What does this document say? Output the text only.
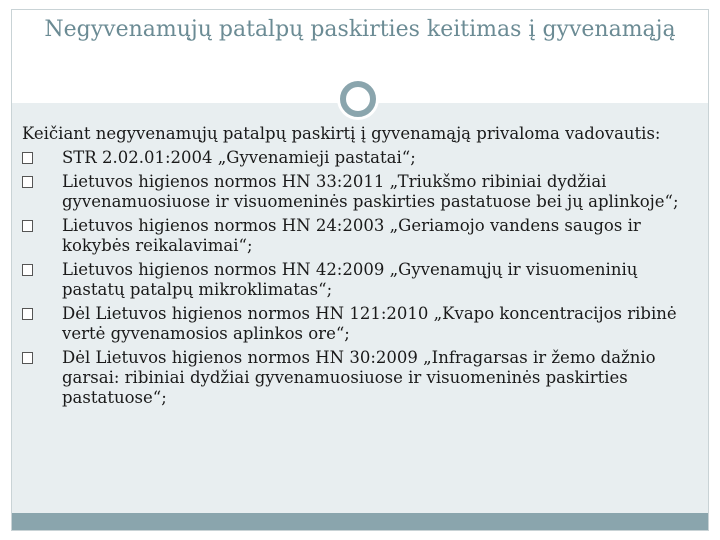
Negyvenamųjų patalpų paskirties keitimas į gyvenamąją

Keičiant negyvenamųjų patalpų paskirtį į gyvenamąją privaloma vadovautis:

STR 2.02.01:2004 „Gyvenamieji pastatai“;
Lietuvos higienos normos HN 33:2011 „Triukšmo ribiniai dydžiai gyvenamuosiuose ir visuomeninės paskirties pastatuose bei jų aplinkoje“;
Lietuvos higienos normos HN 24:2003 „Geriamojo vandens saugos ir kokybės reikalavimai“;
Lietuvos higienos normos HN 42:2009 „Gyvenamųjų ir visuomeninių pastatų patalpų mikroklimatas“;
Dėl Lietuvos higienos normos HN 121:2010 „Kvapo koncentracijos ribinė vertė gyvenamosios aplinkos ore“;
Dėl Lietuvos higienos normos HN 30:2009 „Infragarsas ir žemo dažnio garsai: ribiniai dydžiai gyvenamuosiuose ir visuomeninės paskirties pastatuose“;
